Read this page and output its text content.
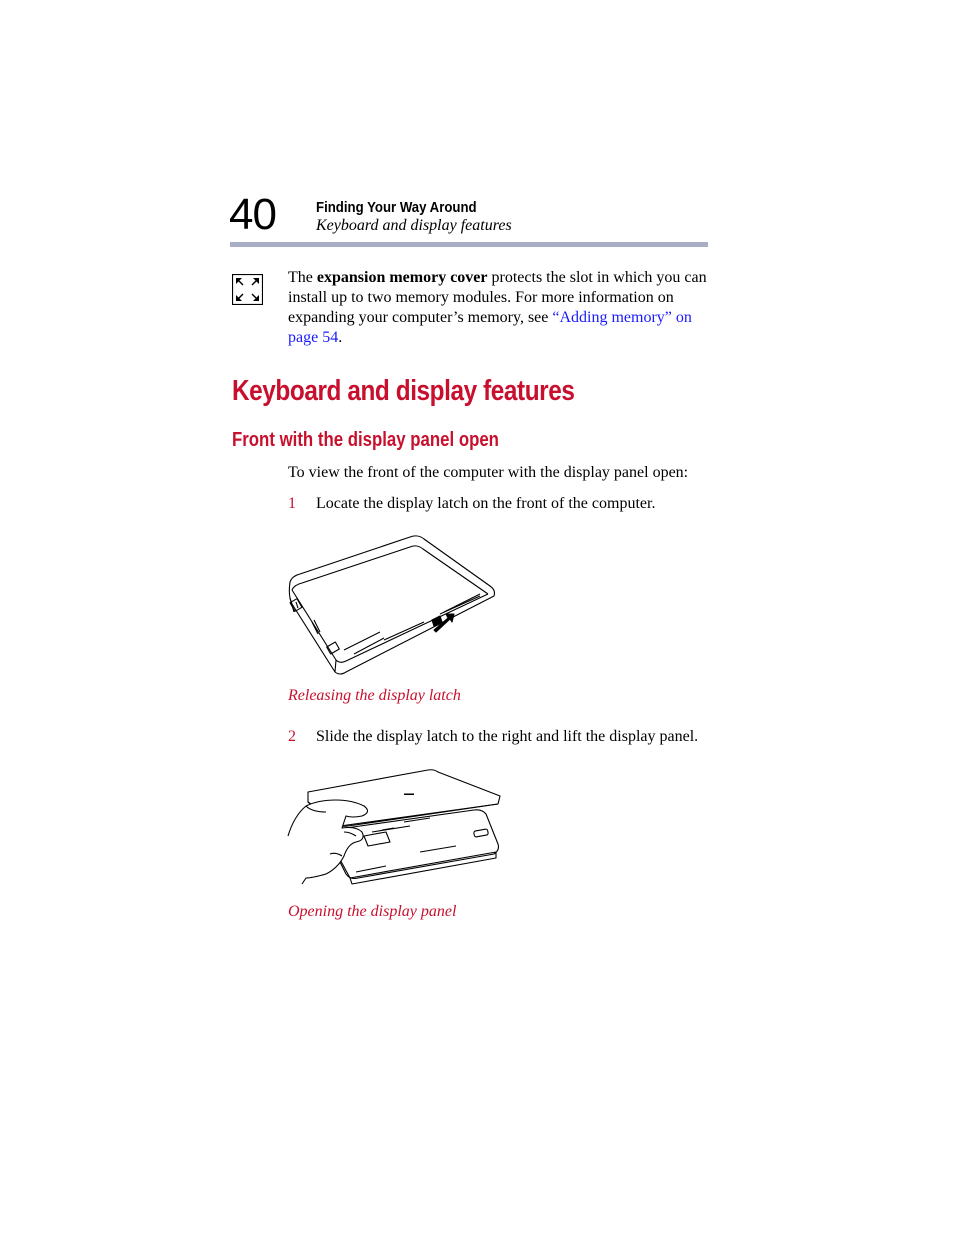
40	Finding Your Way Around
Keyboard and display features
The expansion memory cover protects the slot in which you can install up to two memory modules. For more information on expanding your computer’s memory, see “Adding memory” on page 54.
Keyboard and display features
Front with the display panel open
To view the front of the computer with the display panel open:
1 Locate the display latch on the front of the computer.
Releasing the display latch
2 Slide the display latch to the right and lift the display panel.
▬▬
Opening the display panel
